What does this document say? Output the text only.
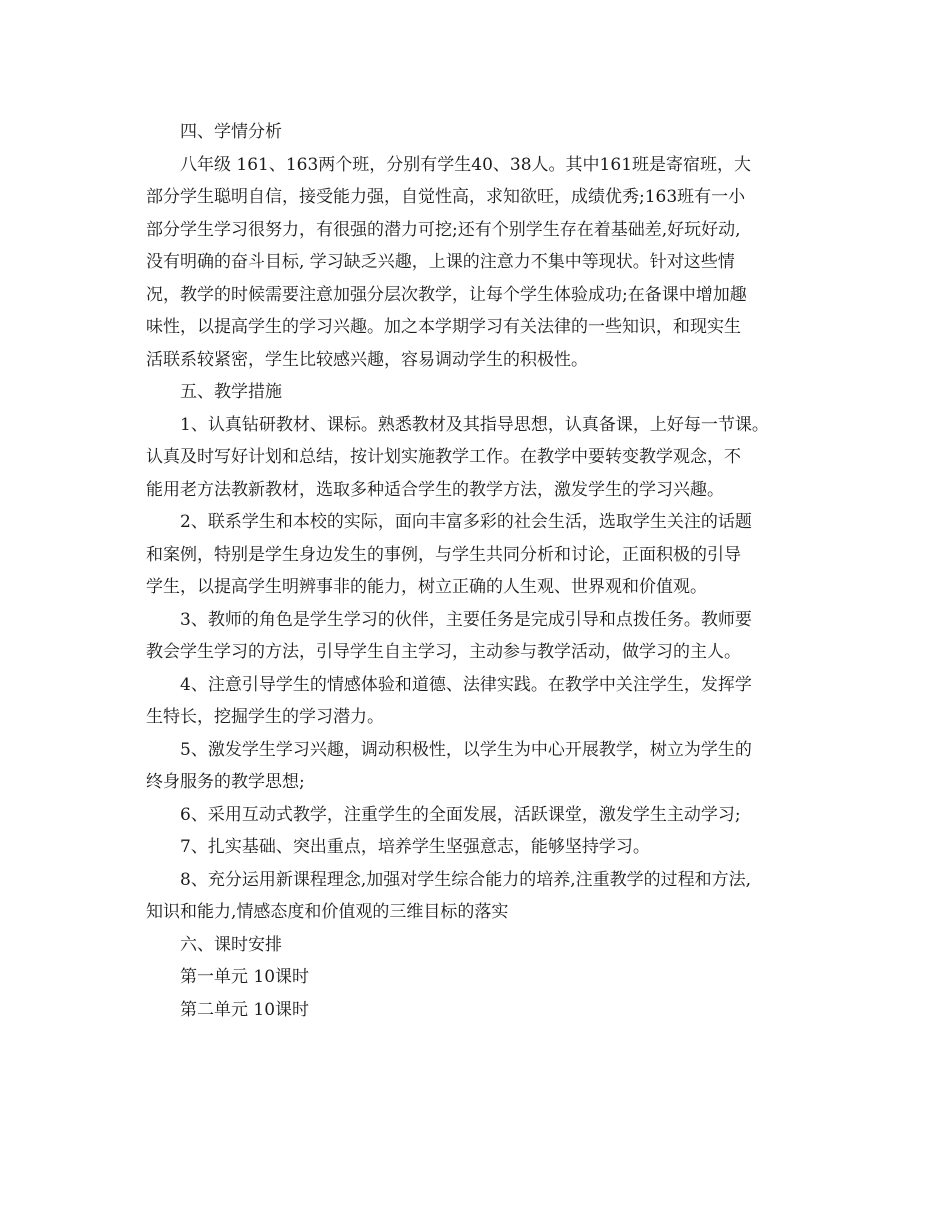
四、学情分析
八年级 161、163两个班，分别有学生40、38人。其中161班是寄宿班，大
部分学生聪明自信，接受能力强，自觉性高，求知欲旺，成绩优秀;163班有一小
部分学生学习很努力，有很强的潜力可挖;还有个别学生存在着基础差,好玩好动,
没有明确的奋斗目标, 学习缺乏兴趣，上课的注意力不集中等现状。针对这些情
况，教学的时候需要注意加强分层次教学，让每个学生体验成功;在备课中增加趣
味性，以提高学生的学习兴趣。加之本学期学习有关法律的一些知识，和现实生
活联系较紧密，学生比较感兴趣，容易调动学生的积极性。
五、教学措施
1、认真钻研教材、课标。熟悉教材及其指导思想，认真备课，上好每一节课。
认真及时写好计划和总结，按计划实施教学工作。在教学中要转变教学观念，不
能用老方法教新教材，选取多种适合学生的教学方法，激发学生的学习兴趣。
2、联系学生和本校的实际，面向丰富多彩的社会生活，选取学生关注的话题
和案例，特别是学生身边发生的事例，与学生共同分析和讨论，正面积极的引导
学生，以提高学生明辨事非的能力，树立正确的人生观、世界观和价值观。
3、教师的角色是学生学习的伙伴，主要任务是完成引导和点拨任务。教师要
教会学生学习的方法，引导学生自主学习，主动参与教学活动，做学习的主人。
4、注意引导学生的情感体验和道德、法律实践。在教学中关注学生，发挥学
生特长，挖掘学生的学习潜力。
5、激发学生学习兴趣，调动积极性，以学生为中心开展教学，树立为学生的
终身服务的教学思想;
6、采用互动式教学，注重学生的全面发展，活跃课堂，激发学生主动学习;
7、扎实基础、突出重点，培养学生坚强意志，能够坚持学习。
8、充分运用新课程理念,加强对学生综合能力的培养,注重教学的过程和方法,
知识和能力,情感态度和价值观的三维目标的落实
六、课时安排
第一单元 10课时
第二单元 10课时
